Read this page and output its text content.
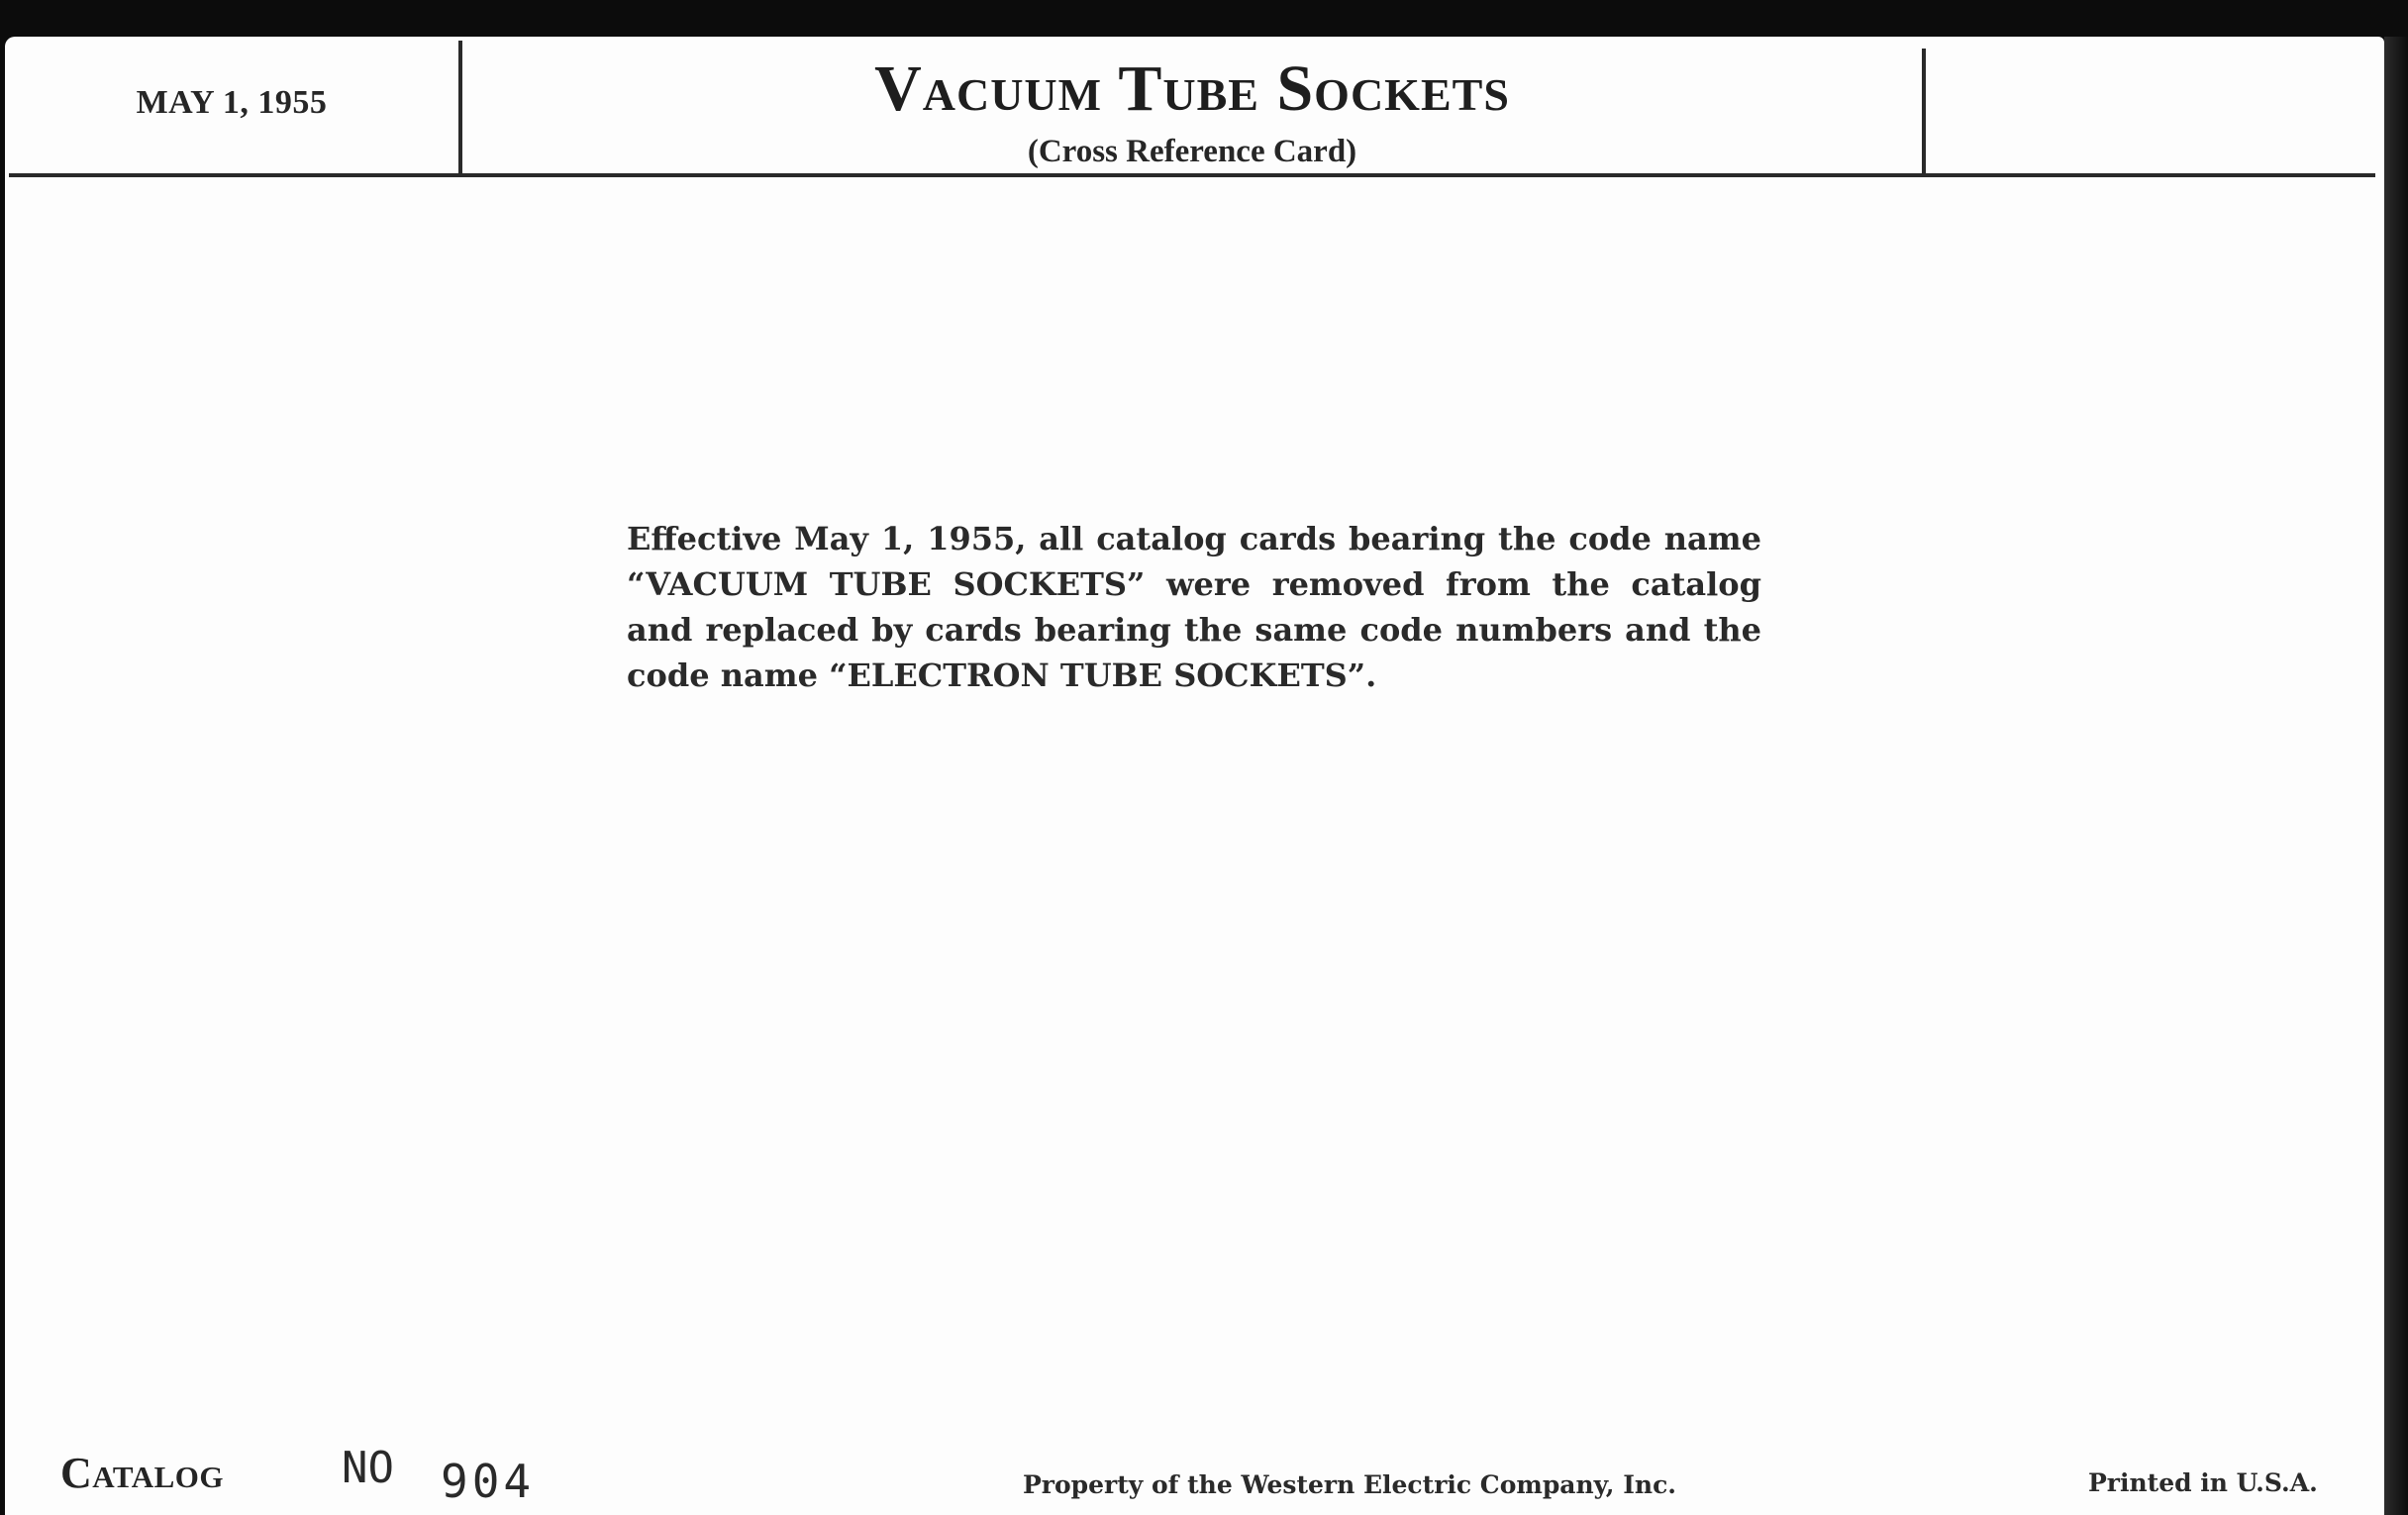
MAY 1, 1955	Vacuum Tube Sockets
(Cross Reference Card)

Effective May 1, 1955, all catalog cards bearing the code name “VACUUM TUBE SOCKETS” were removed from the catalog and replaced by cards bearing the same code numbers and the code name “ELECTRON TUBE SOCKETS”.

Catalog	NO 904	Property of the Western Electric Company, Inc.	Printed in U.S.A.
